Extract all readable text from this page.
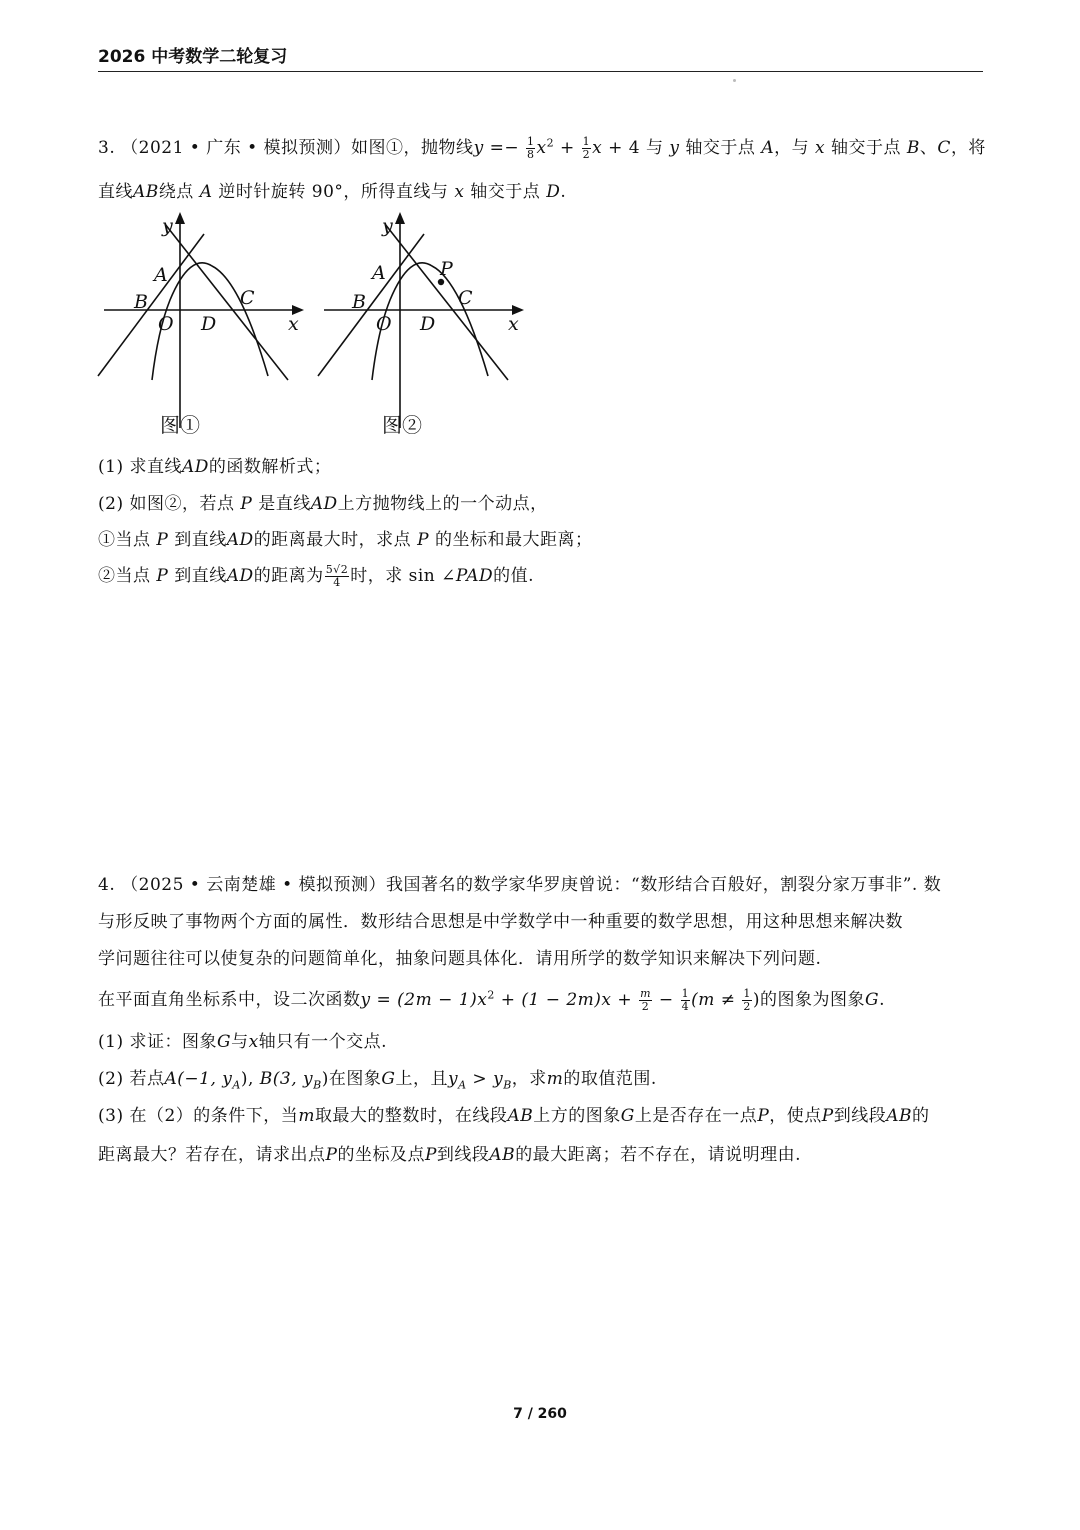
2026 中考数学二轮复习
3. （2021 • 广东 • 模拟预测）如图①，抛物线$y =- \frac{1}{8} x^2 + \frac{1}{2}$ x + 4 与 y 轴交于点 A，与 x 轴交于点 B、C，将
直线AB绕点 A 逆时针旋转 90°，所得直线与 x 轴交于点 D.
y
x
A
B	C
O D
图①
y
x
A
B	C
O D
P
图②
(1) 求直线AD的函数解析式；
(2) 如图②，若点 P 是直线AD上方抛物线上的一个动点，
①当点 P 到直线AD的距离最大时，求点 P 的坐标和最大距离；
②当点 P 到直线AD的距离为 $\frac{5√2}{4}$ 时，求 sin ∠PAD的值.
4. （2025 • 云南楚雄 • 模拟预测）我国著名的数学家华罗庚曾说：“数形结合百般好，割裂分家万事非”. 数
与形反映了事物两个方面的属性．数形结合思想是中学数学中一种重要的数学思想，用这种思想来解决数
学问题往往可以使复杂的问题简单化，抽象问题具体化．请用所学的数学知识来解决下列问题.
在平面直角坐标系中，设二次函数$y = (2m - 1)x^2 + (1 - 2m)x + \frac{m}{2} - \frac{1}{4} (m \ne \frac{1}{2}$ )的图象为图象G.
(1) 求证：图象G与x轴只有一个交点.
(2) 若点A(−1, $y_A$), B(3, $y_B$)在图象G上，且$y_A > y_B$，求m的取值范围.
(3) 在（2）的条件下，当m取最大的整数时，在线段AB上方的图象G上是否存在一点P，使点P到线段AB的
距离最大？若存在，请求出点P的坐标及点P到线段AB的最大距离；若不存在，请说明理由.
7 / 260
